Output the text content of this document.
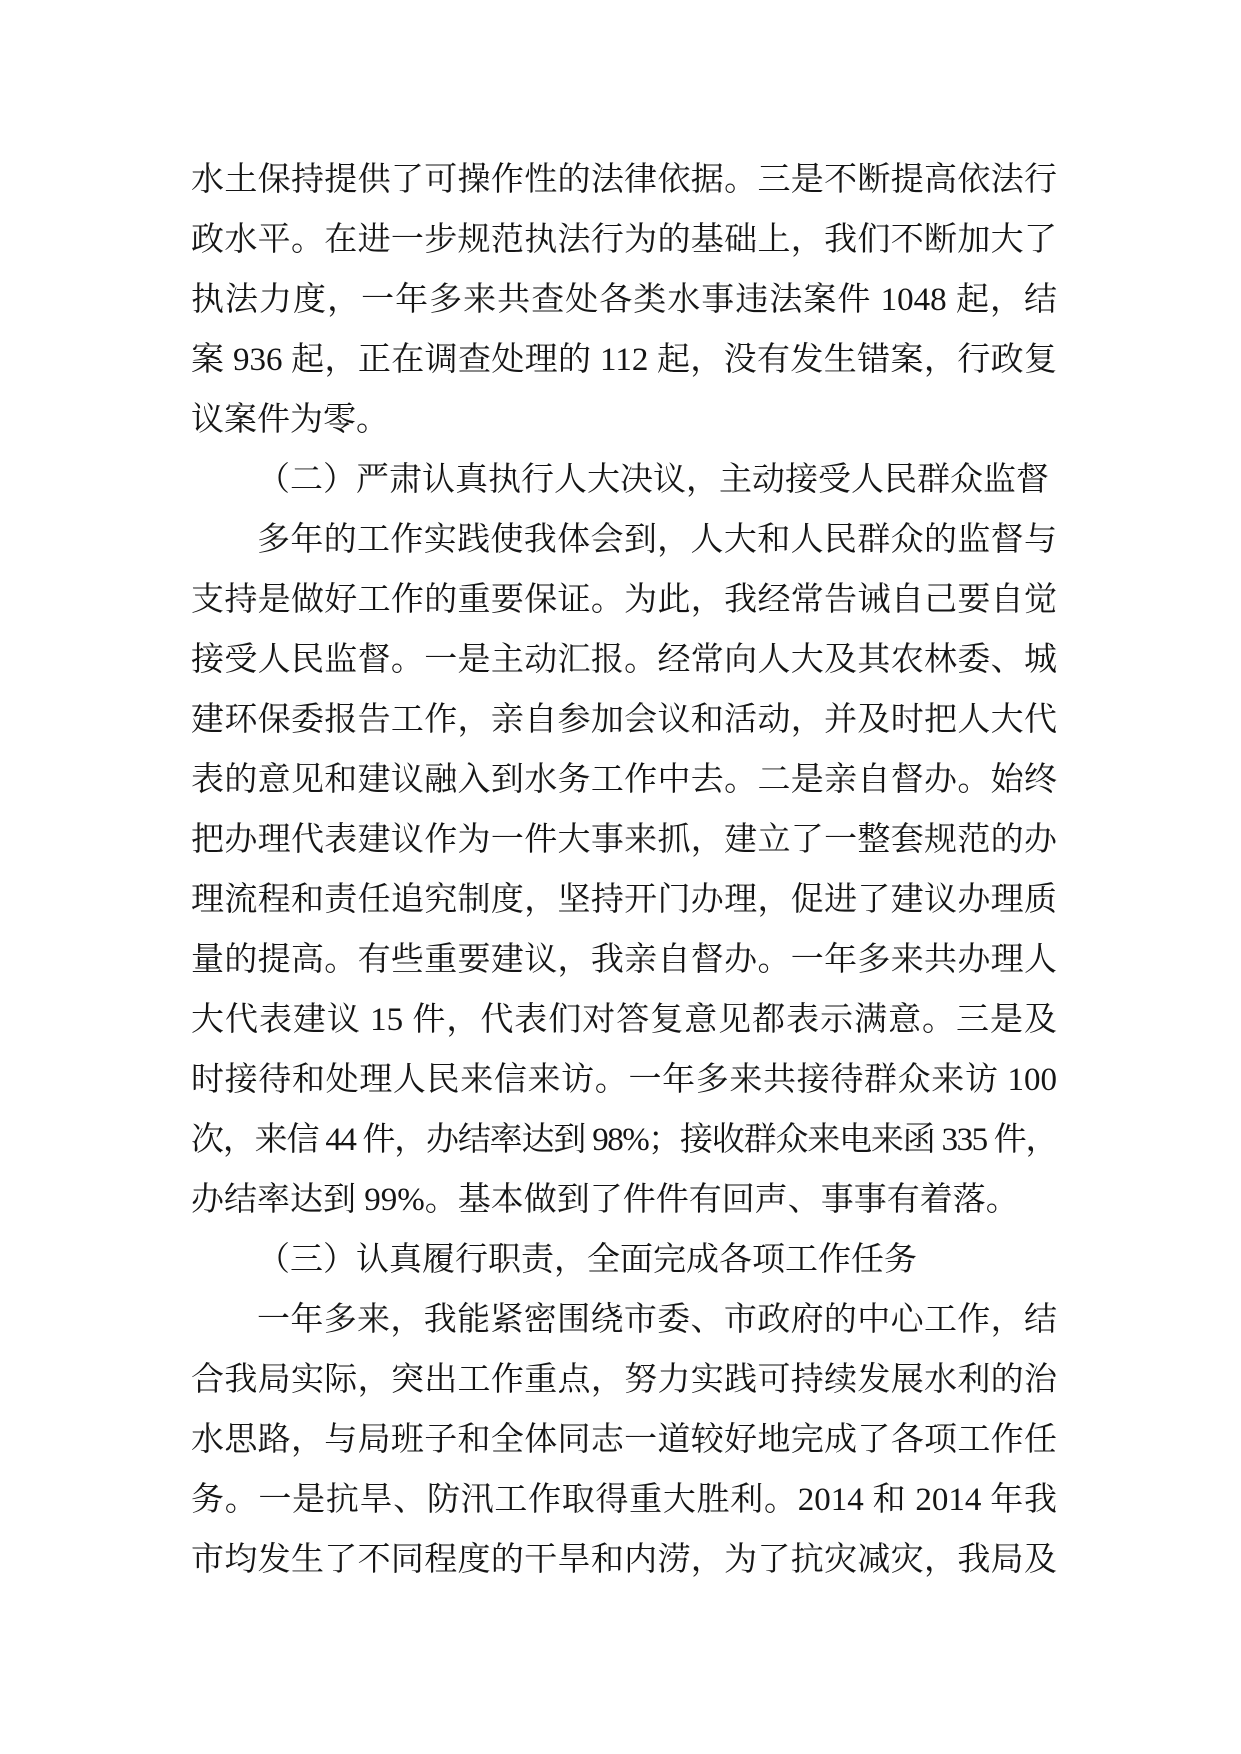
水土保持提供了可操作性的法律依据。三是不断提高依法行
政水平。在进一步规范执法行为的基础上，我们不断加大了
执法力度，一年多来共查处各类水事违法案件 1048 起，结
案 936 起，正在调查处理的 112 起，没有发生错案，行政复
议案件为零。
（二）严肃认真执行人大决议，主动接受人民群众监督
多年的工作实践使我体会到，人大和人民群众的监督与
支持是做好工作的重要保证。为此，我经常告诫自己要自觉
接受人民监督。一是主动汇报。经常向人大及其农林委、城
建环保委报告工作，亲自参加会议和活动，并及时把人大代
表的意见和建议融入到水务工作中去。二是亲自督办。始终
把办理代表建议作为一件大事来抓，建立了一整套规范的办
理流程和责任追究制度，坚持开门办理，促进了建议办理质
量的提高。有些重要建议，我亲自督办。一年多来共办理人
大代表建议 15 件，代表们对答复意见都表示满意。三是及
时接待和处理人民来信来访。一年多来共接待群众来访 100
次，来信 44 件，办结率达到 98%；接收群众来电来函 335 件，
办结率达到 99%。基本做到了件件有回声、事事有着落。
（三）认真履行职责，全面完成各项工作任务
一年多来，我能紧密围绕市委、市政府的中心工作，结
合我局实际，突出工作重点，努力实践可持续发展水利的治
水思路，与局班子和全体同志一道较好地完成了各项工作任
务。一是抗旱、防汛工作取得重大胜利。2014 和 2014 年我
市均发生了不同程度的干旱和内涝，为了抗灾减灾，我局及
